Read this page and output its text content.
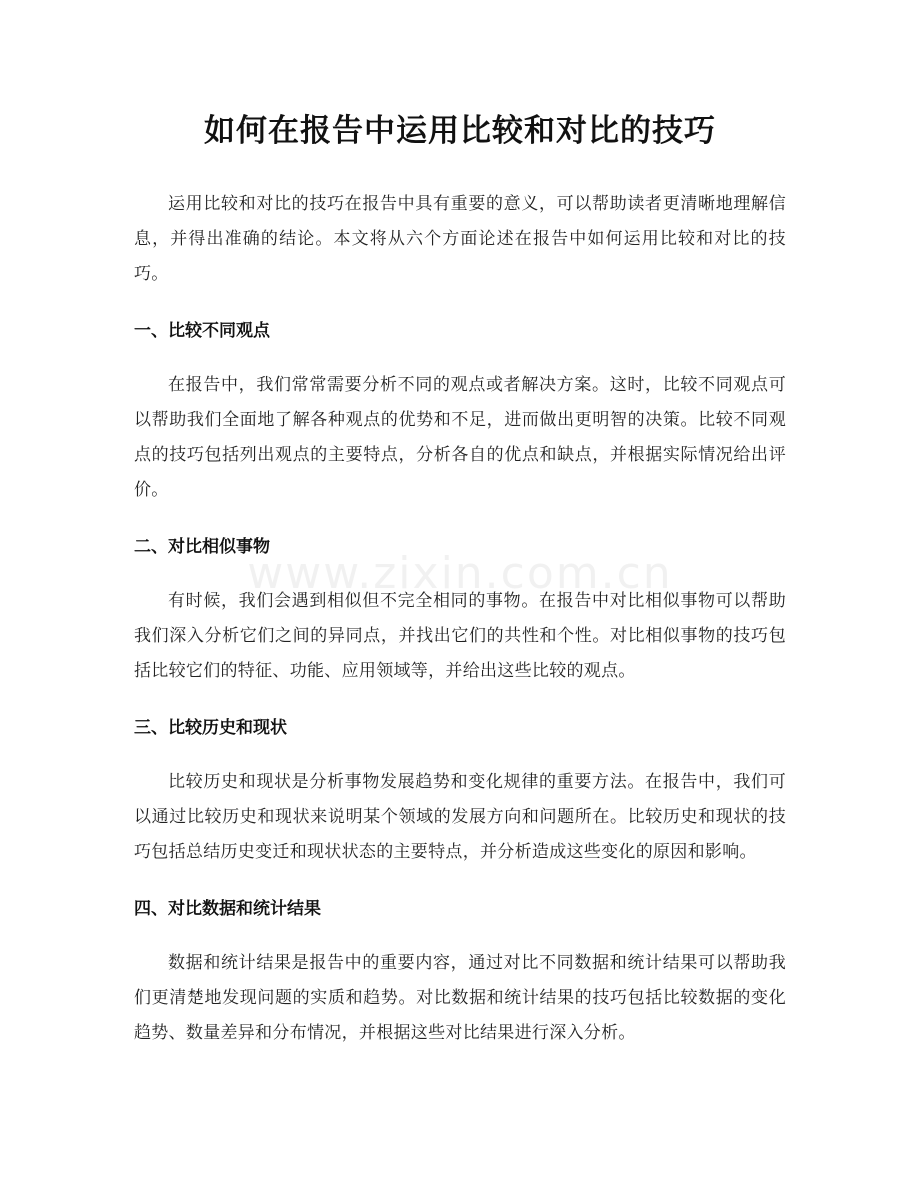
如何在报告中运用比较和对比的技巧

运用比较和对比的技巧在报告中具有重要的意义，可以帮助读者更清晰地理解信息，并得出准确的结论。本文将从六个方面论述在报告中如何运用比较和对比的技巧。

一、比较不同观点

在报告中，我们常常需要分析不同的观点或者解决方案。这时，比较不同观点可以帮助我们全面地了解各种观点的优势和不足，进而做出更明智的决策。比较不同观点的技巧包括列出观点的主要特点，分析各自的优点和缺点，并根据实际情况给出评价。

二、对比相似事物

有时候，我们会遇到相似但不完全相同的事物。在报告中对比相似事物可以帮助我们深入分析它们之间的异同点，并找出它们的共性和个性。对比相似事物的技巧包括比较它们的特征、功能、应用领域等，并给出这些比较的观点。

三、比较历史和现状

比较历史和现状是分析事物发展趋势和变化规律的重要方法。在报告中，我们可以通过比较历史和现状来说明某个领域的发展方向和问题所在。比较历史和现状的技巧包括总结历史变迁和现状状态的主要特点，并分析造成这些变化的原因和影响。

四、对比数据和统计结果

数据和统计结果是报告中的重要内容，通过对比不同数据和统计结果可以帮助我们更清楚地发现问题的实质和趋势。对比数据和统计结果的技巧包括比较数据的变化趋势、数量差异和分布情况，并根据这些对比结果进行深入分析。

www.zixin.com.cn
